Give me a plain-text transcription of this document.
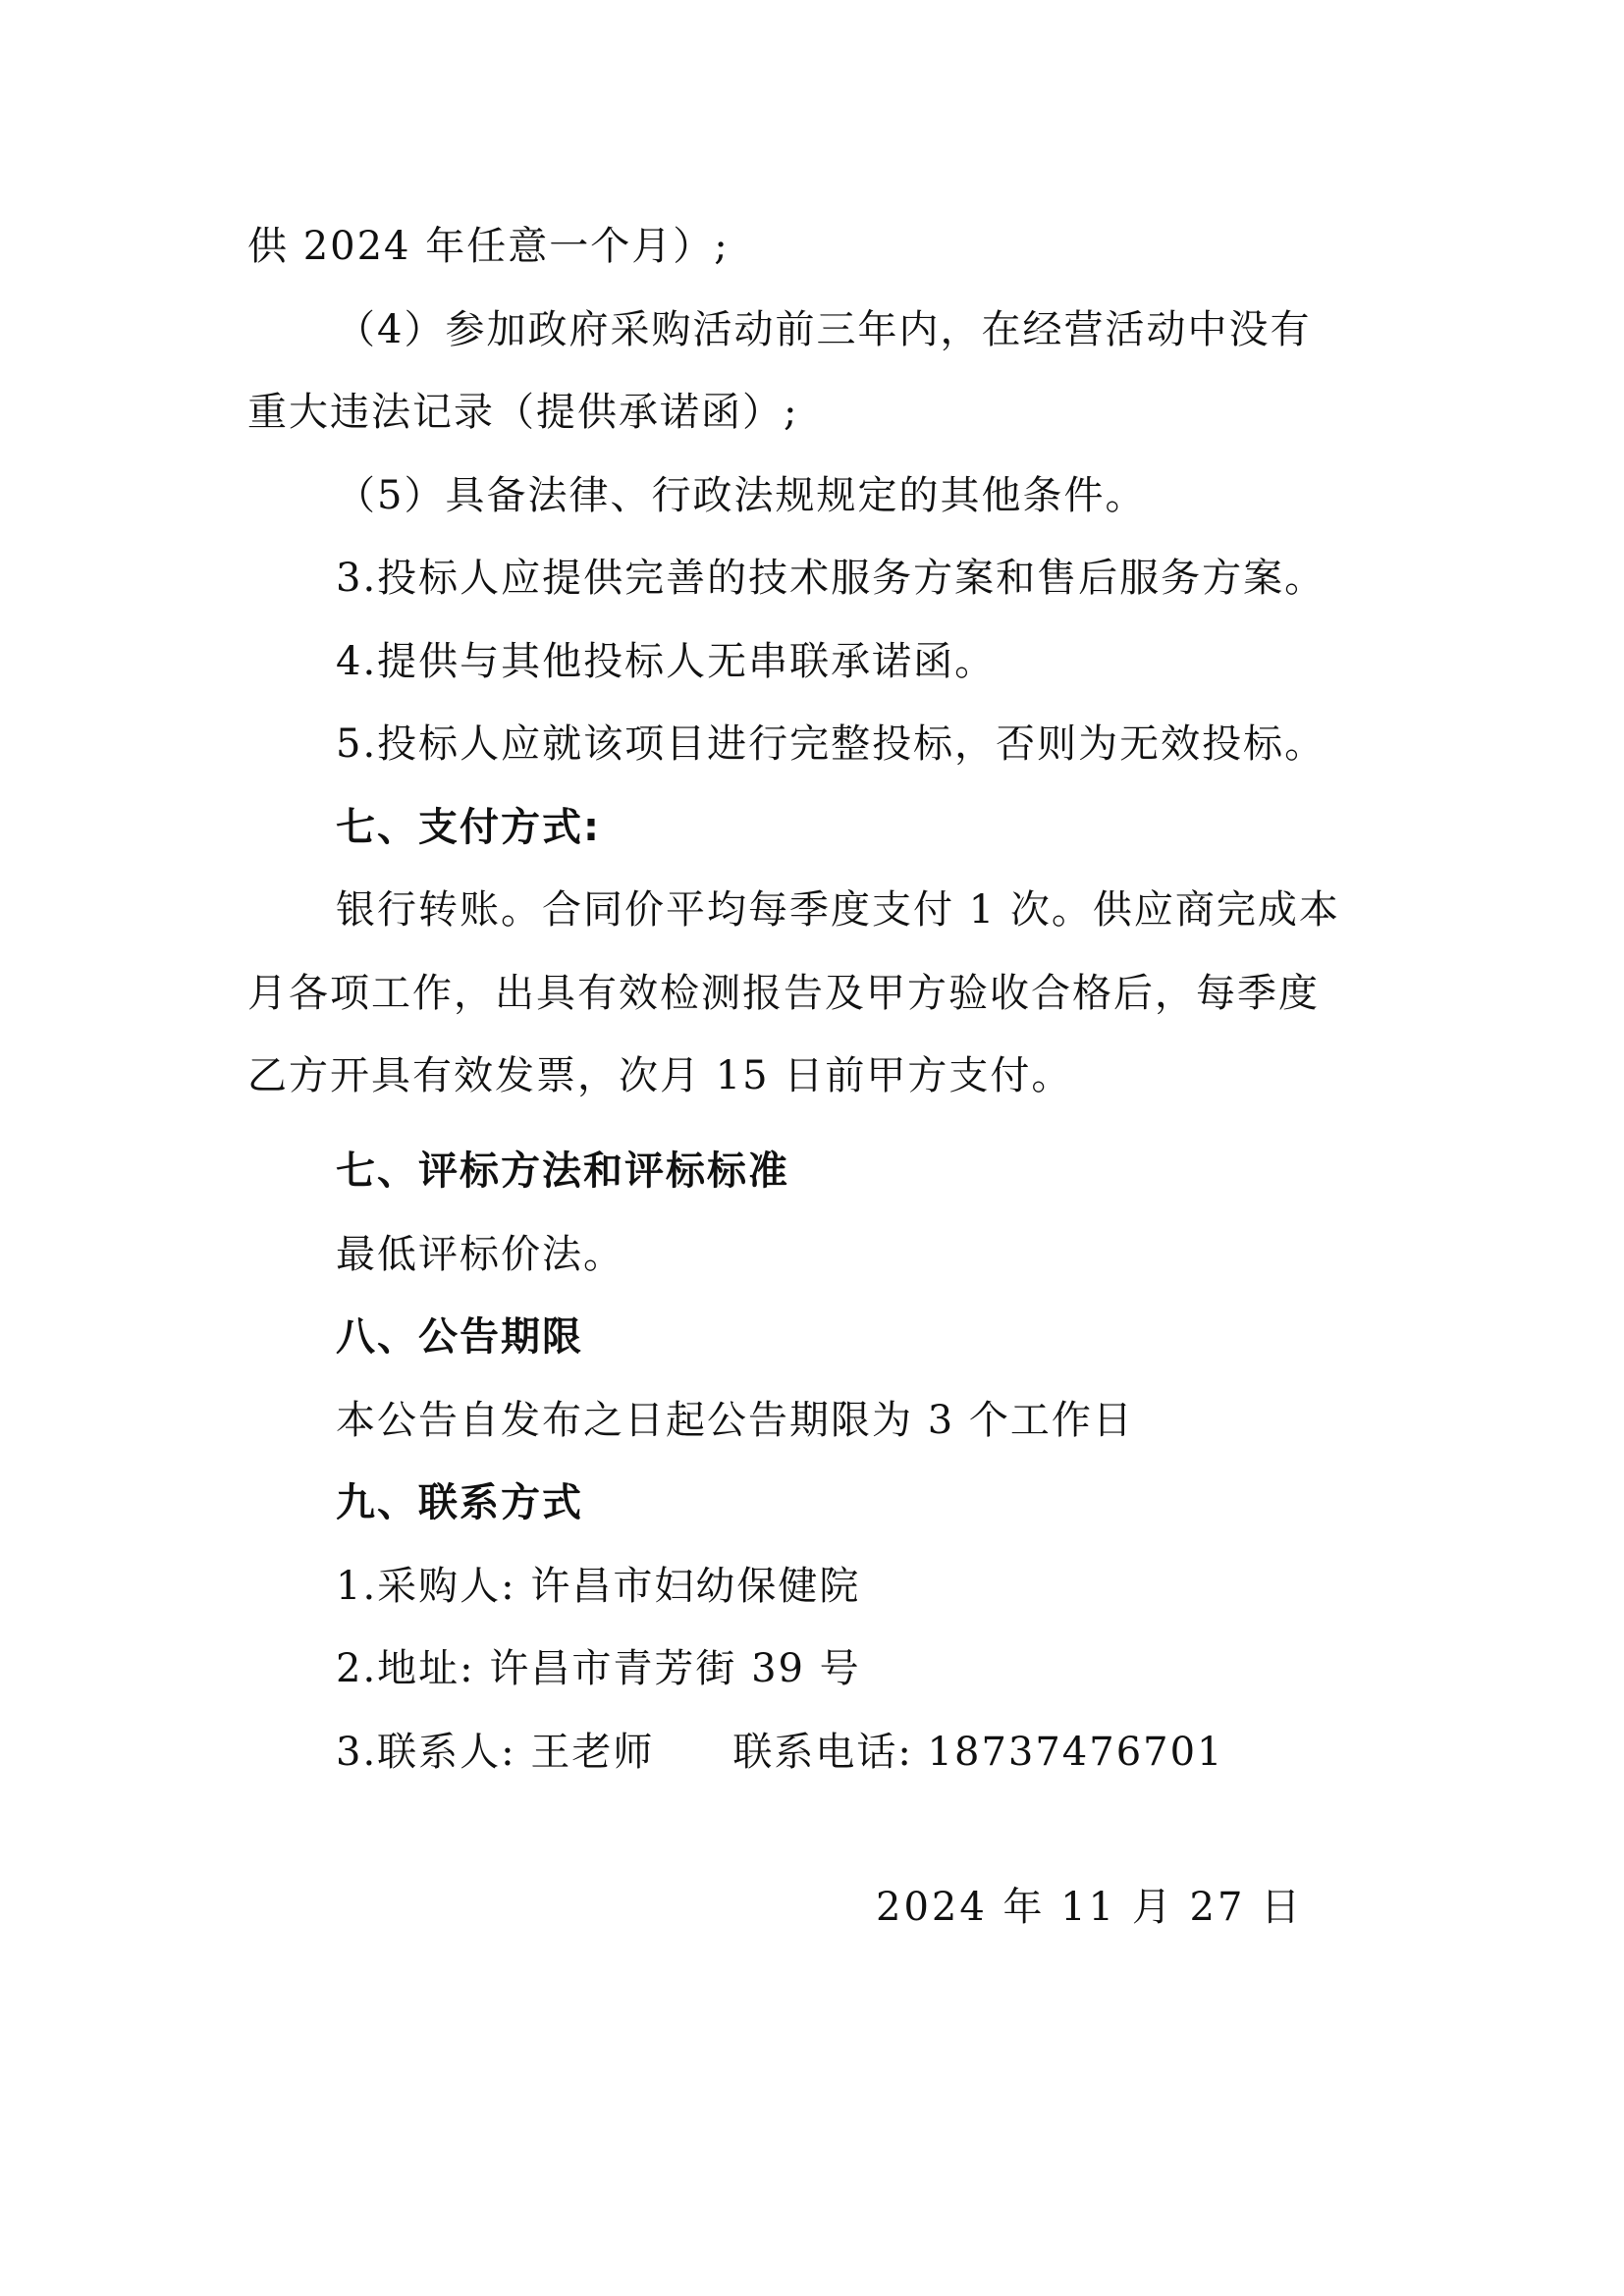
供 2024 年任意一个月）;
（4）参加政府采购活动前三年内，在经营活动中没有
重大违法记录（提供承诺函）;
（5）具备法律、行政法规规定的其他条件。
3.投标人应提供完善的技术服务方案和售后服务方案。
4.提供与其他投标人无串联承诺函。
5.投标人应就该项目进行完整投标，否则为无效投标。
七、支付方式:
银行转账。合同价平均每季度支付 1 次。供应商完成本
月各项工作，出具有效检测报告及甲方验收合格后，每季度
乙方开具有效发票，次月 15 日前甲方支付。
七、评标方法和评标标准
最低评标价法。
八、公告期限
本公告自发布之日起公告期限为 3 个工作日
九、联系方式
1.采购人: 许昌市妇幼保健院
2.地址: 许昌市青芳街 39 号
3.联系人: 王老师 联系电话: 18737476701
2024 年 11 月 27 日
